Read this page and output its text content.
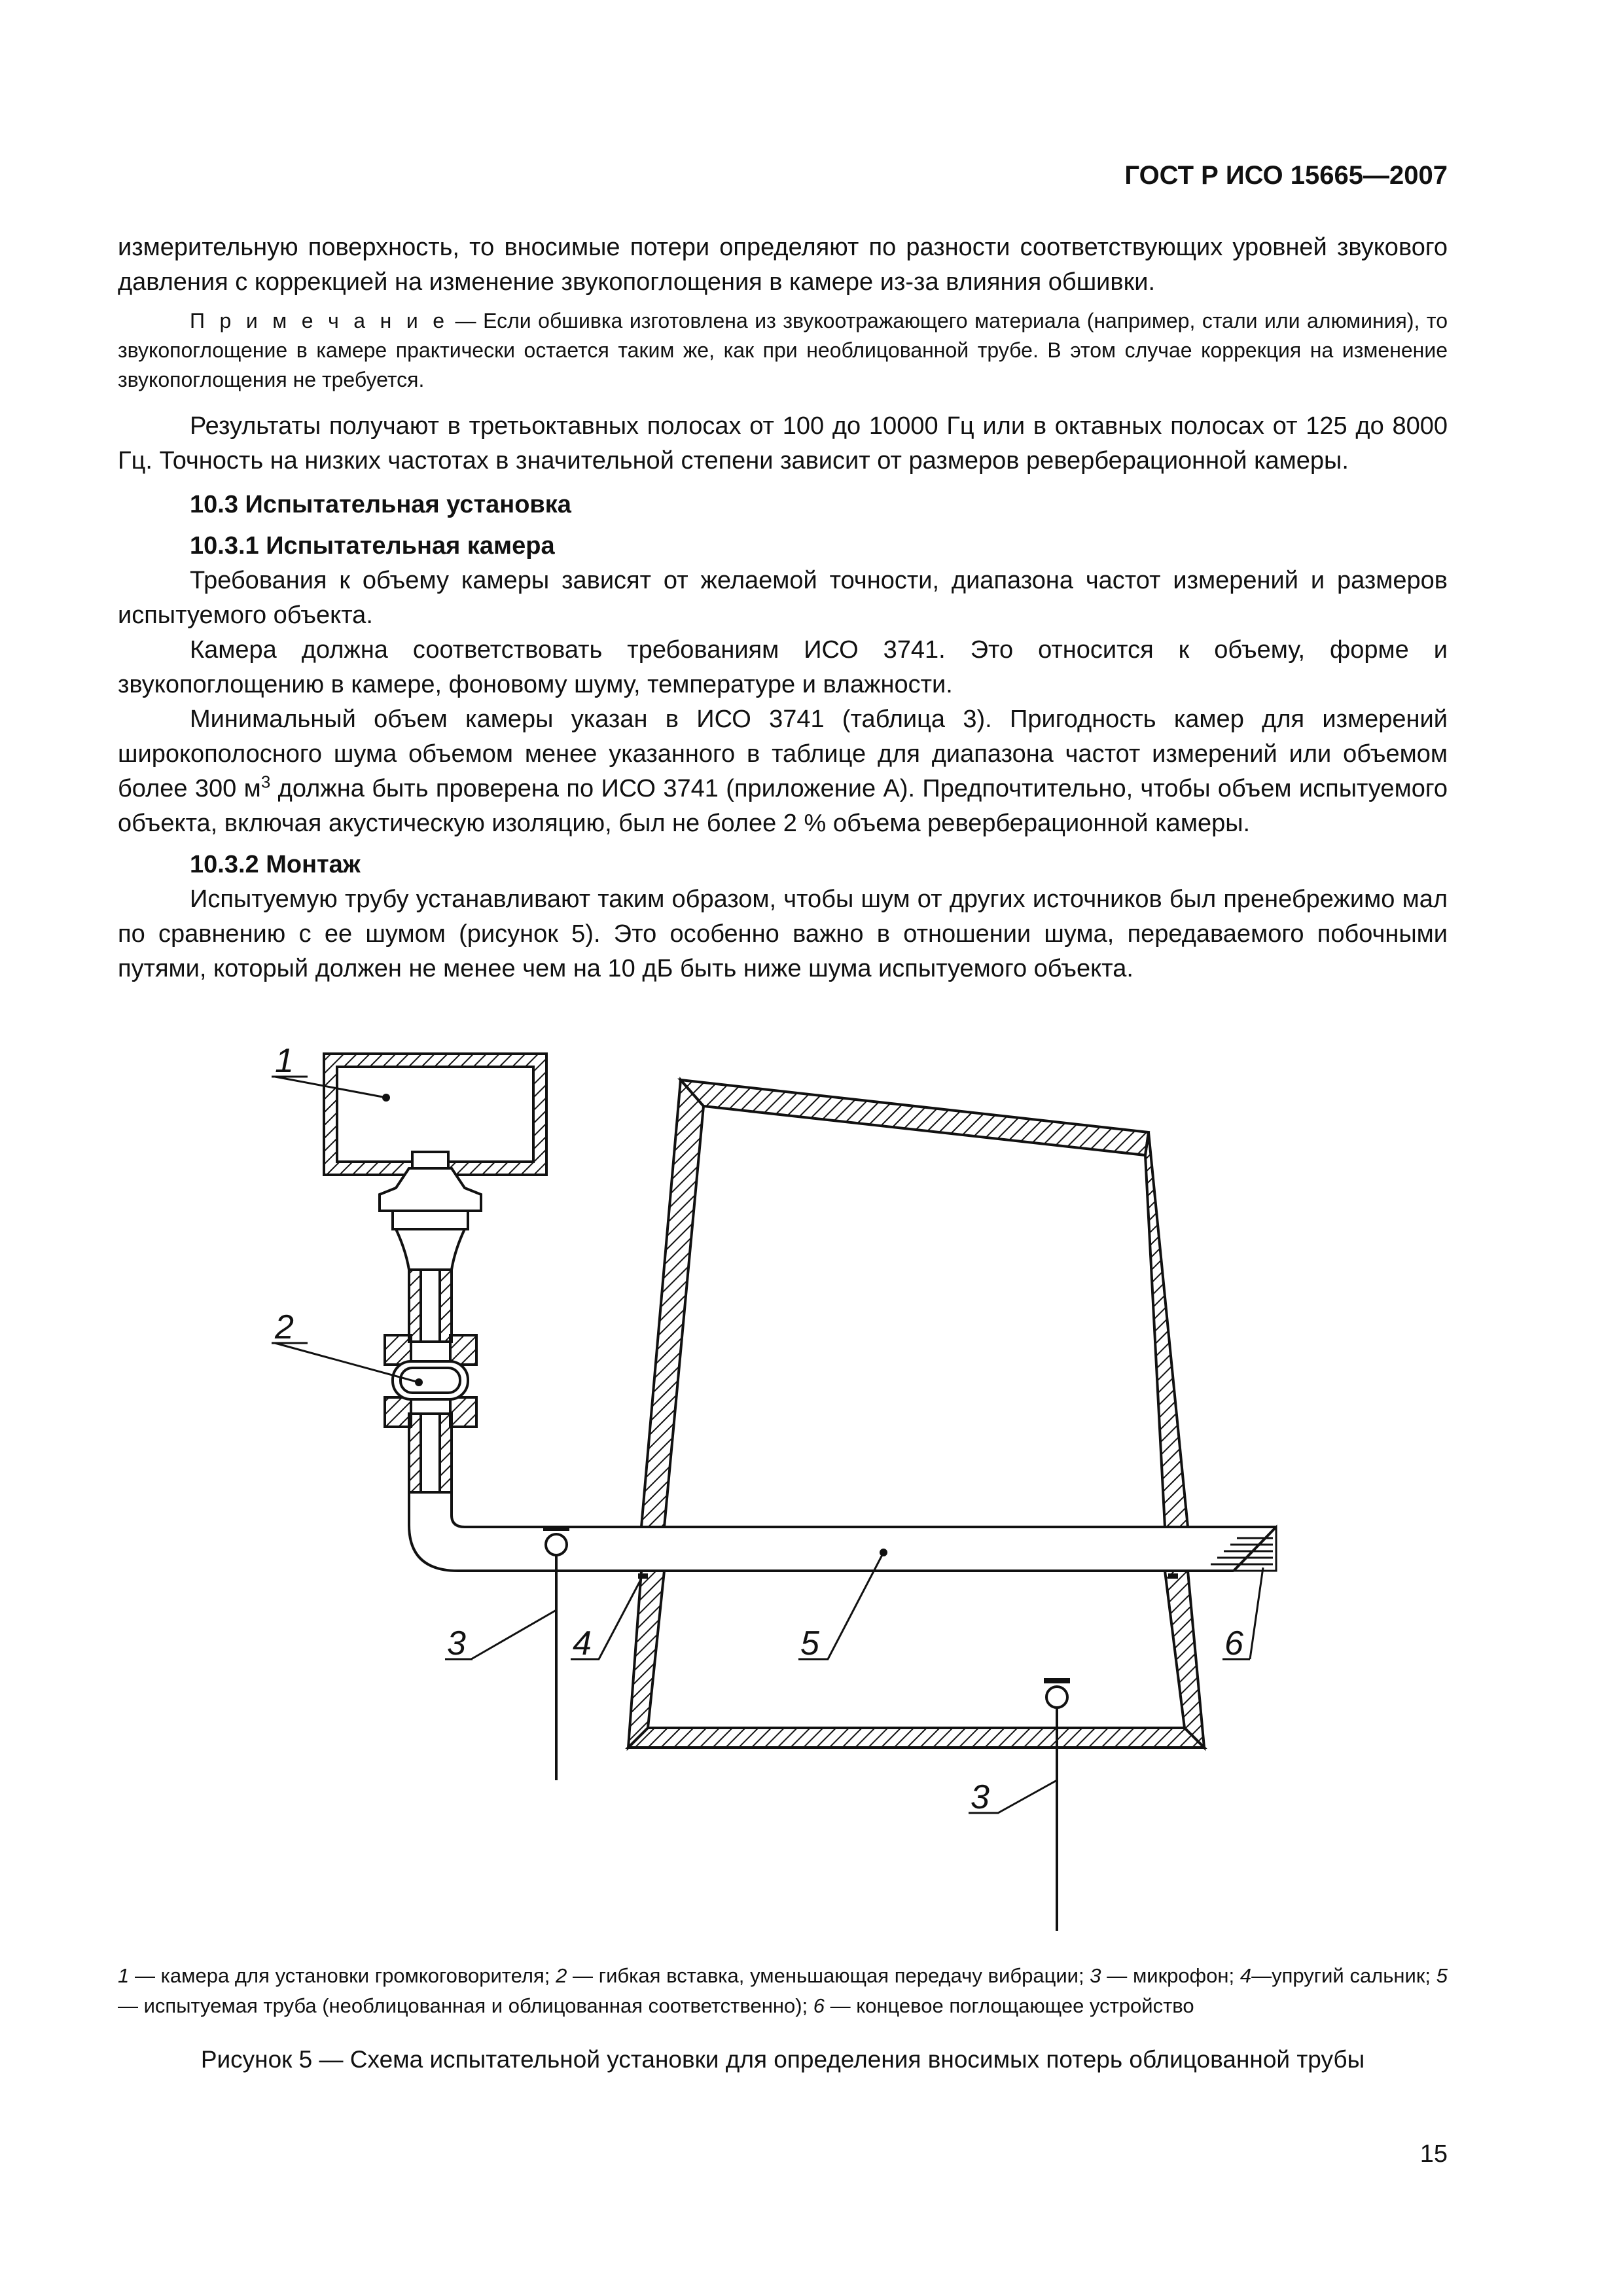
ГОСТ Р ИСО 15665—2007

измерительную поверхность, то вносимые потери определяют по разности соответствующих уровней звукового давления с коррекцией на изменение звукопоглощения в камере из-за влияния обшивки.

П р и м е ч а н и е — Если обшивка изготовлена из звукоотражающего материала (например, стали или алюминия), то звукопоглощение в камере практически остается таким же, как при необлицованной трубе. В этом случае коррекция на изменение звукопоглощения не требуется.

Результаты получают в третьоктавных полосах от 100 до 10000 Гц или в октавных полосах от 125 до 8000 Гц. Точность на низких частотах в значительной степени зависит от размеров реверберационной камеры.

10.3 Испытательная установка

10.3.1 Испытательная камера

Требования к объему камеры зависят от желаемой точности, диапазона частот измерений и размеров испытуемого объекта.

Камера должна соответствовать требованиям ИСО 3741. Это относится к объему, форме и звукопоглощению в камере, фоновому шуму, температуре и влажности.

Минимальный объем камеры указан в ИСО 3741 (таблица 3). Пригодность камер для измерений широкополосного шума объемом менее указанного в таблице для диапазона частот измерений или объемом более 300 $м^3$ должна быть проверена по ИСО 3741 (приложение А). Предпочтительно, чтобы объем испытуемого объекта, включая акустическую изоляцию, был не более 2 % объема реверберационной камеры.

10.3.2 Монтаж

Испытуемую трубу устанавливают таким образом, чтобы шум от других источников был пренебрежимо мал по сравнению с ее шумом (рисунок 5). Это особенно важно в отношении шума, передаваемого побочными путями, который должен не менее чем на 10 дБ быть ниже шума испытуемого объекта.

1
2
3	4	5	6
3
1 — камера для установки громкоговорителя; 2 — гибкая вставка, уменьшающая передачу вибрации; 3 — микрофон; 4—упругий сальник; 5 — испытуемая труба (необлицованная и облицованная соответственно); 6 — концевое поглощающее устройство
Рисунок 5 — Схема испытательной установки для определения вносимых потерь облицованной трубы
15
